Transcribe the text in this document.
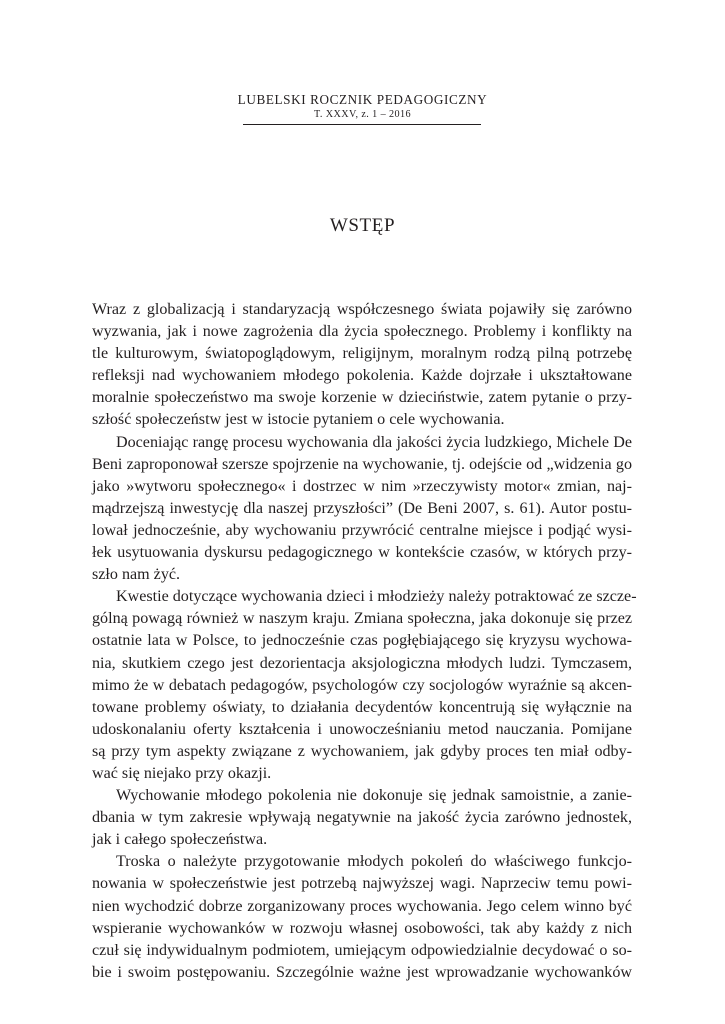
LUBELSKI ROCZNIK PEDAGOGICZNY
T. XXXV, z. 1 – 2016
WSTĘP
Wraz z globalizacją i standaryzacją współczesnego świata pojawiły się zarówno
wyzwania, jak i nowe zagrożenia dla życia społecznego. Problemy i konflikty na
tle kulturowym, światopoglądowym, religijnym, moralnym rodzą pilną potrzebę
refleksji nad wychowaniem młodego pokolenia. Każde dojrzałe i ukształtowane
moralnie społeczeństwo ma swoje korzenie w dzieciństwie, zatem pytanie o przy-
szłość społeczeństw jest w istocie pytaniem o cele wychowania.
Doceniając rangę procesu wychowania dla jakości życia ludzkiego, Michele De
Beni zaproponował szersze spojrzenie na wychowanie, tj. odejście od „widzenia go
jako »wytworu społecznego« i dostrzec w nim »rzeczywisty motor« zmian, naj-
mądrzejszą inwestycję dla naszej przyszłości” (De Beni 2007, s. 61). Autor postu-
lował jednocześnie, aby wychowaniu przywrócić centralne miejsce i podjąć wysi-
łek usytuowania dyskursu pedagogicznego w kontekście czasów, w których przy-
szło nam żyć.
Kwestie dotyczące wychowania dzieci i młodzieży należy potraktować ze szcze-
gólną powagą również w naszym kraju. Zmiana społeczna, jaka dokonuje się przez
ostatnie lata w Polsce, to jednocześnie czas pogłębiającego się kryzysu wychowa-
nia, skutkiem czego jest dezorientacja aksjologiczna młodych ludzi. Tymczasem,
mimo że w debatach pedagogów, psychologów czy socjologów wyraźnie są akcen-
towane problemy oświaty, to działania decydentów koncentrują się wyłącznie na
udoskonalaniu oferty kształcenia i unowocześnianiu metod nauczania. Pomijane
są przy tym aspekty związane z wychowaniem, jak gdyby proces ten miał odby-
wać się niejako przy okazji.
Wychowanie młodego pokolenia nie dokonuje się jednak samoistnie, a zanie-
dbania w tym zakresie wpływają negatywnie na jakość życia zarówno jednostek,
jak i całego społeczeństwa.
Troska o należyte przygotowanie młodych pokoleń do właściwego funkcjo-
nowania w społeczeństwie jest potrzebą najwyższej wagi. Naprzeciw temu powi-
nien wychodzić dobrze zorganizowany proces wychowania. Jego celem winno być
wspieranie wychowanków w rozwoju własnej osobowości, tak aby każdy z nich
czuł się indywidualnym podmiotem, umiejącym odpowiedzialnie decydować o so-
bie i swoim postępowaniu. Szczególnie ważne jest wprowadzanie wychowanków
